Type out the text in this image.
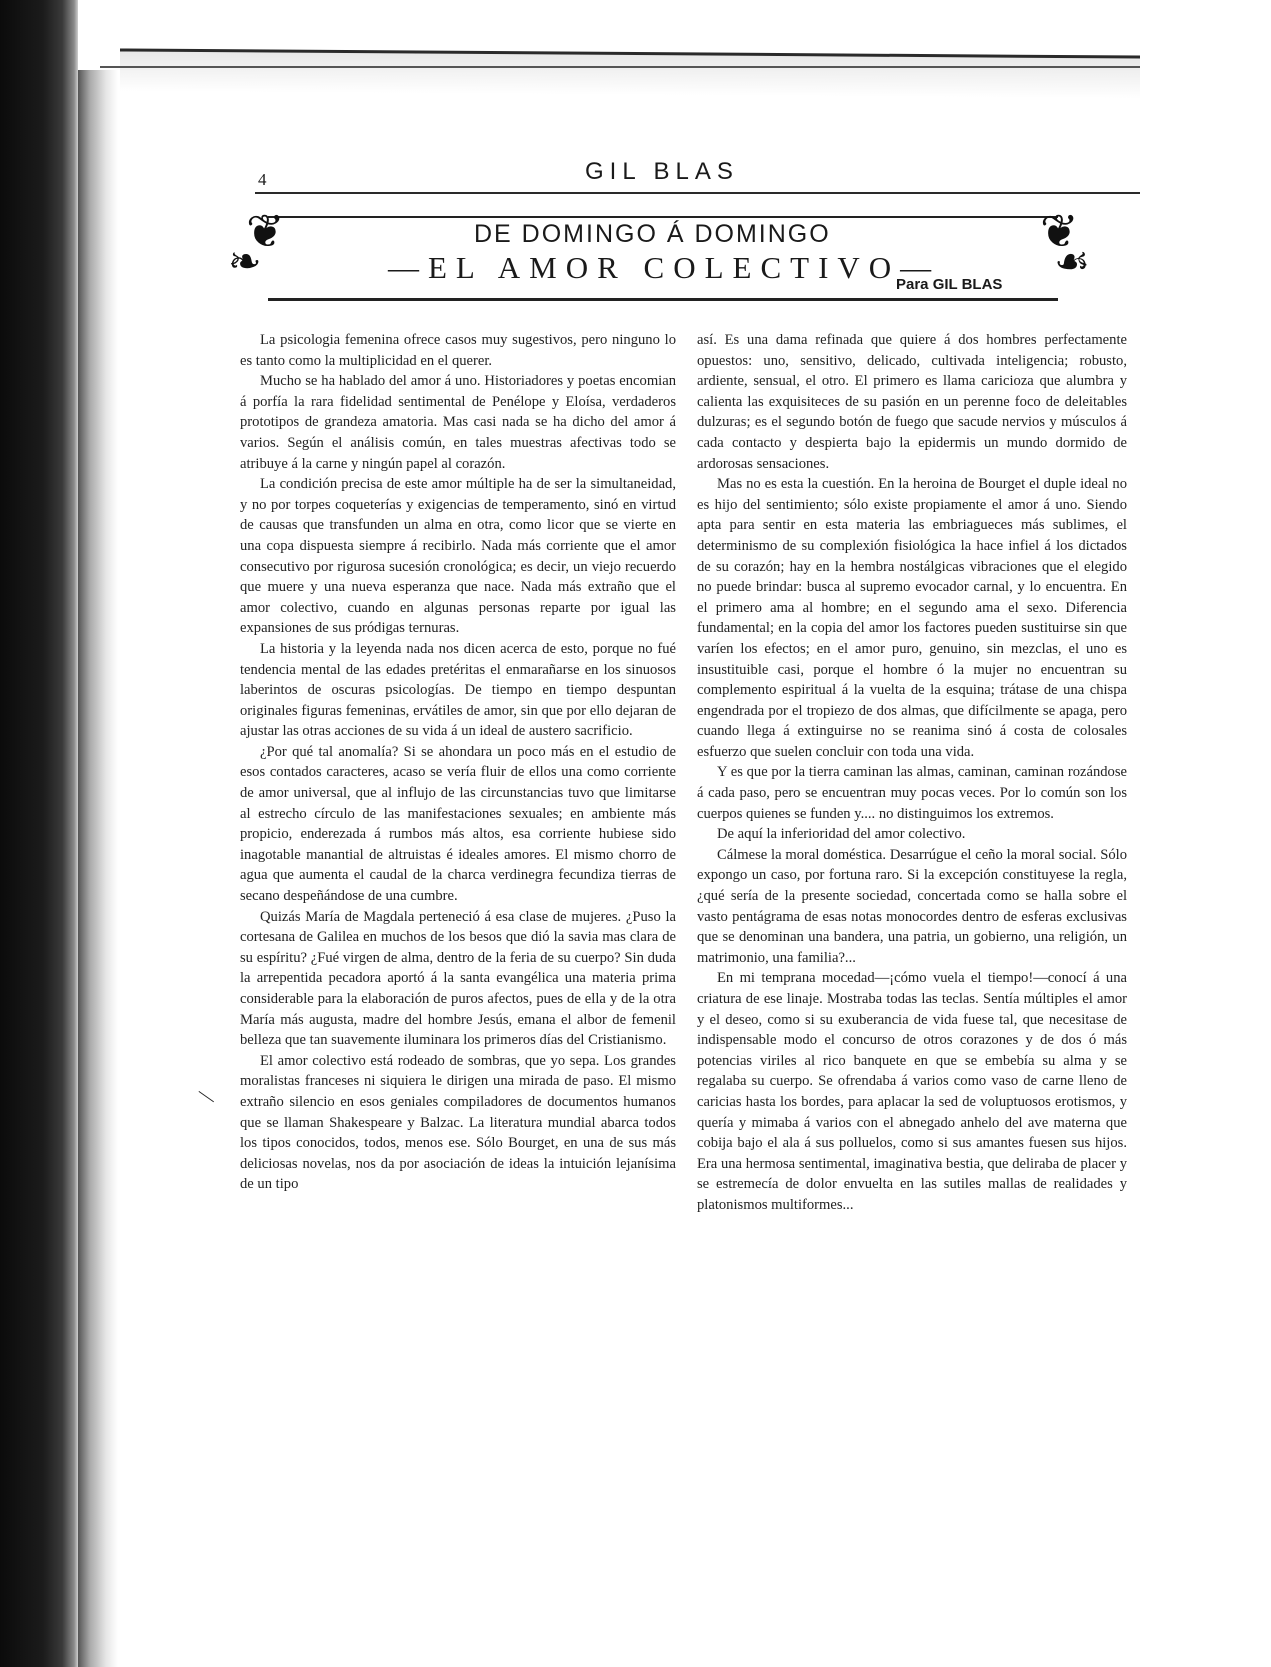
4	GIL BLAS
❦
❧
❦
☙
DE DOMINGO Á DOMINGO
—EL AMOR COLECTIVO—
Para GIL BLAS

La psicologia femenina ofrece casos muy sugestivos, pero ninguno lo es tanto como la multiplicidad en el querer.

Mucho se ha hablado del amor á uno. Historiadores y poetas encomian á porfía la rara fidelidad sentimental de Penélope y Eloísa, verdaderos prototipos de grandeza amatoria. Mas casi nada se ha dicho del amor á varios. Según el análisis común, en tales muestras afectivas todo se atribuye á la carne y ningún papel al corazón.

La condición precisa de este amor múltiple ha de ser la simultaneidad, y no por torpes coqueterías y exigencias de temperamento, sinó en virtud de causas que transfunden un alma en otra, como licor que se vierte en una copa dispuesta siempre á recibirlo. Nada más corriente que el amor consecutivo por rigurosa sucesión cronológica; es decir, un viejo recuerdo que muere y una nueva esperanza que nace. Nada más extraño que el amor colectivo, cuando en algunas personas reparte por igual las expansiones de sus pródigas ternuras.

La historia y la leyenda nada nos dicen acerca de esto, porque no fué tendencia mental de las edades pretéritas el enmarañarse en los sinuosos laberintos de oscuras psicologías. De tiempo en tiempo despuntan originales figuras femeninas, ervátiles de amor, sin que por ello dejaran de ajustar las otras acciones de su vida á un ideal de austero sacrificio.

¿Por qué tal anomalía? Si se ahondara un poco más en el estudio de esos contados caracteres, acaso se vería fluir de ellos una como corriente de amor universal, que al influjo de las circunstancias tuvo que limitarse al estrecho círculo de las manifestaciones sexuales; en ambiente más propicio, enderezada á rumbos más altos, esa corriente hubiese sido inagotable manantial de altruistas é ideales amores. El mismo chorro de agua que aumenta el caudal de la charca verdinegra fecundiza tierras de secano despeñándose de una cumbre.

Quizás María de Magdala perteneció á esa clase de mujeres. ¿Puso la cortesana de Galilea en muchos de los besos que dió la savia mas clara de su espíritu? ¿Fué virgen de alma, dentro de la feria de su cuerpo? Sin duda la arrepentida pecadora aportó á la santa evangélica una materia prima considerable para la elaboración de puros afectos, pues de ella y de la otra María más augusta, madre del hombre Jesús, emana el albor de femenil belleza que tan suavemente iluminara los primeros días del Cristianismo.

El amor colectivo está rodeado de sombras, que yo sepa. Los grandes moralistas franceses ni siquiera le dirigen una mirada de paso. El mismo extraño silencio en esos geniales compiladores de documentos humanos que se llaman Shakespeare y Balzac. La literatura mundial abarca todos los tipos conocidos, todos, menos ese. Sólo Bourget, en una de sus más deliciosas novelas, nos da por asociación de ideas la intuición lejanísima de un tipo

así. Es una dama refinada que quiere á dos hombres perfectamente opuestos: uno, sensitivo, delicado, cultivada inteligencia; robusto, ardiente, sensual, el otro. El primero es llama caricioza que alumbra y calienta las exquisiteces de su pasión en un perenne foco de deleitables dulzuras; es el segundo botón de fuego que sacude nervios y músculos á cada contacto y despierta bajo la epidermis un mundo dormido de ardorosas sensaciones.

Mas no es esta la cuestión. En la heroina de Bourget el duple ideal no es hijo del sentimiento; sólo existe propiamente el amor á uno. Siendo apta para sentir en esta materia las embriagueces más sublimes, el determinismo de su complexión fisiológica la hace infiel á los dictados de su corazón; hay en la hembra nostálgicas vibraciones que el elegido no puede brindar: busca al supremo evocador carnal, y lo encuentra. En el primero ama al hombre; en el segundo ama el sexo. Diferencia fundamental; en la copia del amor los factores pueden sustituirse sin que varíen los efectos; en el amor puro, genuino, sin mezclas, el uno es insustituible casi, porque el hombre ó la mujer no encuentran su complemento espiritual á la vuelta de la esquina; trátase de una chispa engendrada por el tropiezo de dos almas, que difícilmente se apaga, pero cuando llega á extinguirse no se reanima sinó á costa de colosales esfuerzo que suelen concluir con toda una vida.

Y es que por la tierra caminan las almas, caminan, caminan rozándose á cada paso, pero se encuentran muy pocas veces. Por lo común son los cuerpos quienes se funden y.... no distinguimos los extremos.

De aquí la inferioridad del amor colectivo.

Cálmese la moral doméstica. Desarrúgue el ceño la moral social. Sólo expongo un caso, por fortuna raro. Si la excepción constituyese la regla, ¿qué sería de la presente sociedad, concertada como se halla sobre el vasto pentágrama de esas notas monocordes dentro de esferas exclusivas que se denominan una bandera, una patria, un gobierno, una religión, un matrimonio, una familia?...

En mi temprana mocedad—¡cómo vuela el tiempo!—conocí á una criatura de ese linaje. Mostraba todas las teclas. Sentía múltiples el amor y el deseo, como si su exuberancia de vida fuese tal, que necesitase de indispensable modo el concurso de otros corazones y de dos ó más potencias viriles al rico banquete en que se embebía su alma y se regalaba su cuerpo. Se ofrendaba á varios como vaso de carne lleno de caricias hasta los bordes, para aplacar la sed de voluptuosos erotismos, y quería y mimaba á varios con el abnegado anhelo del ave materna que cobija bajo el ala á sus polluelos, como si sus amantes fuesen sus hijos. Era una hermosa sentimental, imaginativa bestia, que deliraba de placer y se estremecía de dolor envuelta en las sutiles mallas de realidades y platonismos multiformes...

—
